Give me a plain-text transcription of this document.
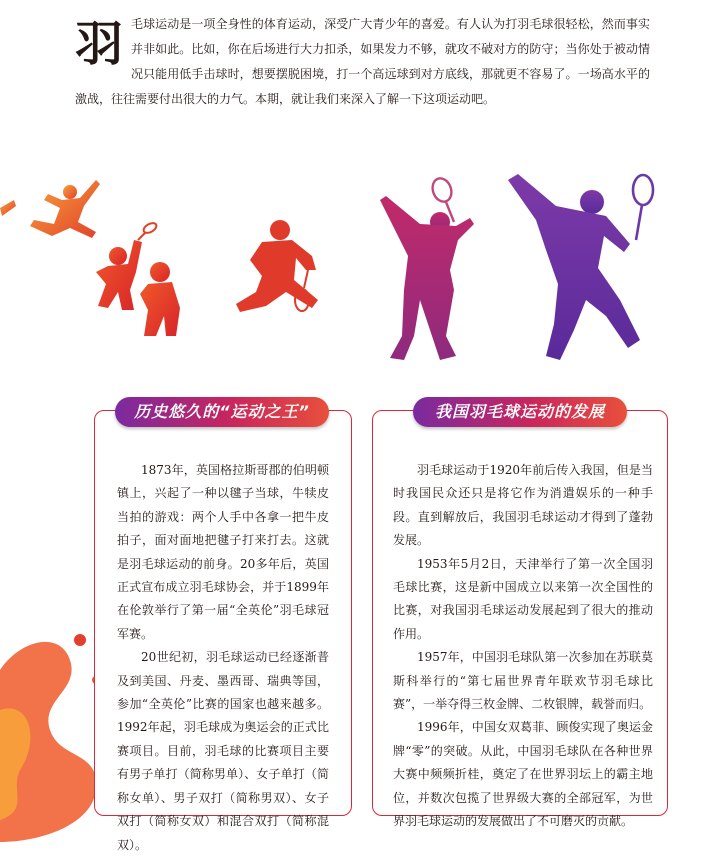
羽 毛球运动是一项全身性的体育运动，深受广大青少年的喜爱。有人认为打羽毛球很轻松，然而事实并非如此。比如，你在后场进行大力扣杀，如果发力不够，就攻不破对方的防守；当你处于被动情况只能用低手击球时，想要摆脱困境，打一个高远球到对方底线，那就更不容易了。一场高水平的激战，往往需要付出很大的力气。本期，就让我们来深入了解一下这项运动吧。

历史悠久的“运动之王”

1873年，英国格拉斯哥郡的伯明顿镇上，兴起了一种以毽子当球，牛犊皮当拍的游戏：两个人手中各拿一把牛皮拍子，面对面地把毽子打来打去。这就是羽毛球运动的前身。20多年后，英国正式宣布成立羽毛球协会，并于1899年在伦敦举行了第一届“全英伦”羽毛球冠军赛。

20世纪初，羽毛球运动已经逐渐普及到美国、丹麦、墨西哥、瑞典等国，参加“全英伦”比赛的国家也越来越多。1992年起，羽毛球成为奥运会的正式比赛项目。目前，羽毛球的比赛项目主要有男子单打（简称男单）、女子单打（简称女单）、男子双打（简称男双）、女子双打（简称女双）和混合双打（简称混双）。

我国羽毛球运动的发展

羽毛球运动于1920年前后传入我国，但是当时我国民众还只是将它作为消遣娱乐的一种手段。直到解放后，我国羽毛球运动才得到了蓬勃发展。

1953年5月2日，天津举行了第一次全国羽毛球比赛，这是新中国成立以来第一次全国性的比赛，对我国羽毛球运动发展起到了很大的推动作用。

1957年，中国羽毛球队第一次参加在苏联莫斯科举行的“第七届世界青年联欢节羽毛球比赛”，一举夺得三枚金牌、二枚银牌，载誉而归。

1996年，中国女双葛菲、顾俊实现了奥运金牌“零”的突破。从此，中国羽毛球队在各种世界大赛中频频折桂，奠定了在世界羽坛上的霸主地位，并数次包揽了世界级大赛的全部冠军，为世界羽毛球运动的发展做出了不可磨灭的贡献。
